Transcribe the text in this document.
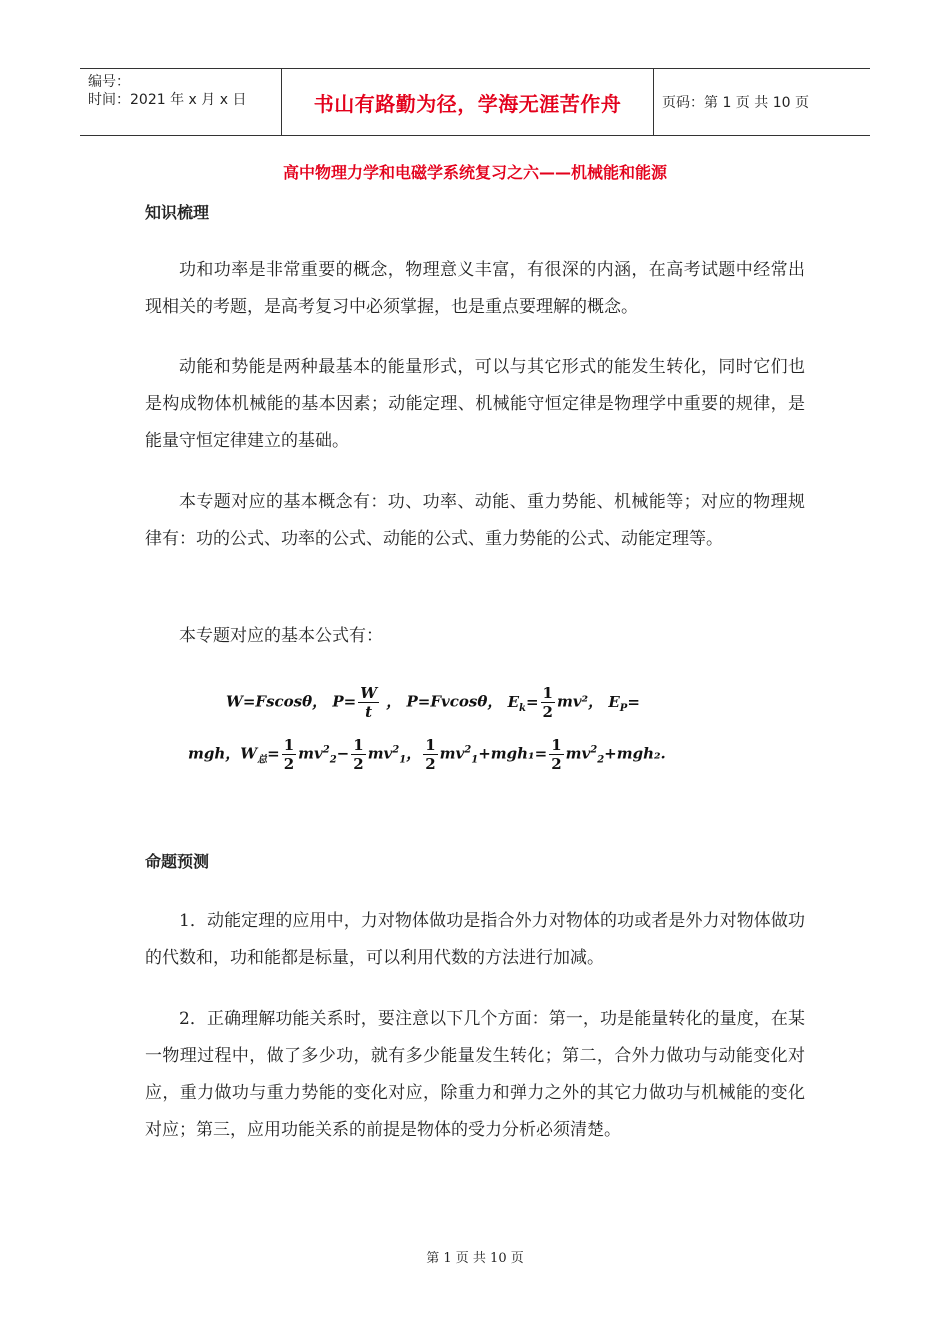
编号：
时间：2021 年 x 月 x 日	书山有路勤为径，学海无涯苦作舟	页码：第 1 页 共 10 页
高中物理力学和电磁学系统复习之六——机械能和能源
知识梳理

功和功率是非常重要的概念，物理意义丰富，有很深的内涵，在高考试题中经常出现相关的考题，是高考复习中必须掌握，也是重点要理解的概念。

动能和势能是两种最基本的能量形式，可以与其它形式的能发生转化，同时它们也是构成物体机械能的基本因素；动能定理、机械能守恒定律是物理学中重要的规律，是能量守恒定律建立的基础。

本专题对应的基本概念有：功、功率、动能、重力势能、机械能等；对应的物理规律有：功的公式、功率的公式、动能的公式、重力势能的公式、动能定理等。

本专题对应的基本公式有：

W=Fscosθ， $P= \frac{W}{t}$ ， P=Fvcosθ， $E_k= \frac{1}{2} mv^2$， $E_P=$
mgh，$W_总= \frac{1}{2} mv^2_2- \frac{1}{2} mv^2_1$， $\frac{1}{2} mv^2_1+mgh_1= \frac{1}{2} mv^2_2+mgh_2$.
命题预测

1．动能定理的应用中，力对物体做功是指合外力对物体的功或者是外力对物体做功的代数和，功和能都是标量，可以利用代数的方法进行加减。

2．正确理解功能关系时，要注意以下几个方面：第一，功是能量转化的量度，在某一物理过程中，做了多少功，就有多少能量发生转化；第二，合外力做功与动能变化对应，重力做功与重力势能的变化对应，除重力和弹力之外的其它力做功与机械能的变化对应；第三，应用功能关系的前提是物体的受力分析必须清楚。

第 1 页 共 10 页
